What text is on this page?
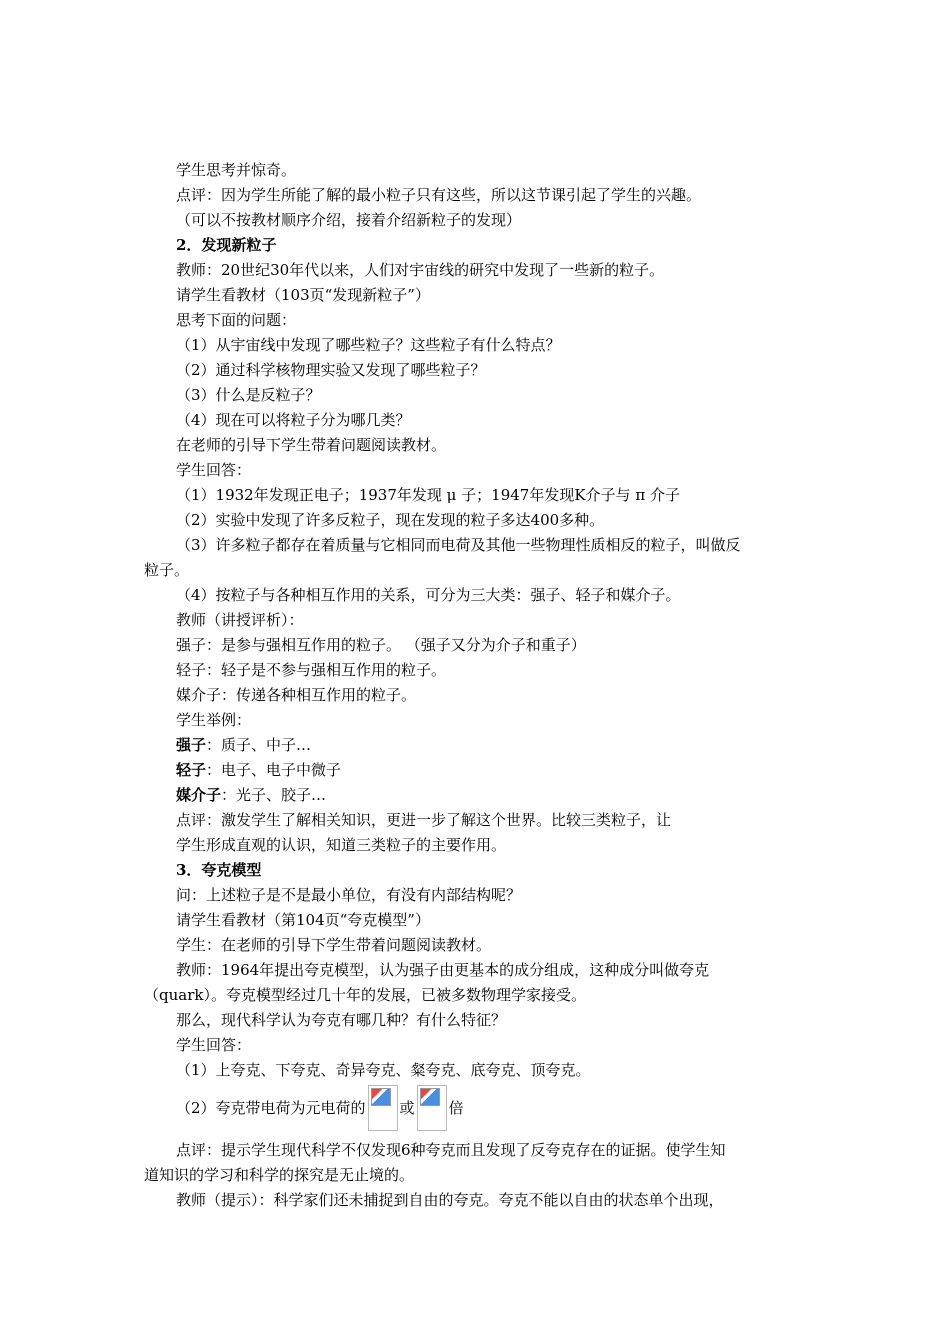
学生思考并惊奇。
点评：因为学生所能了解的最小粒子只有这些，所以这节课引起了学生的兴趣。
（可以不按教材顺序介绍，接着介绍新粒子的发现）
2．发现新粒子
教师：20世纪30年代以来，人们对宇宙线的研究中发现了一些新的粒子。
请学生看教材（103页“发现新粒子”）
思考下面的问题：
（1）从宇宙线中发现了哪些粒子？这些粒子有什么特点？
（2）通过科学核物理实验又发现了哪些粒子？
（3）什么是反粒子？
（4）现在可以将粒子分为哪几类？
在老师的引导下学生带着问题阅读教材。
学生回答：
（1）1932年发现正电子；1937年发现 μ 子；1947年发现K介子与 π 介子
（2）实验中发现了许多反粒子，现在发现的粒子多达400多种。
（3）许多粒子都存在着质量与它相同而电荷及其他一些物理性质相反的粒子，叫做反
粒子。
（4）按粒子与各种相互作用的关系，可分为三大类：强子、轻子和媒介子。
教师（讲授评析）：
强子：是参与强相互作用的粒子。 （强子又分为介子和重子）
轻子：轻子是不参与强相互作用的粒子。
媒介子：传递各种相互作用的粒子。
学生举例：
强子：质子、中子…
轻子：电子、电子中微子
媒介子：光子、胶子…
点评：激发学生了解相关知识，更进一步了解这个世界。比较三类粒子，让
学生形成直观的认识，知道三类粒子的主要作用。
3．夸克模型
问：上述粒子是不是最小单位，有没有内部结构呢？
请学生看教材（第104页“夸克模型”）
学生：在老师的引导下学生带着问题阅读教材。
教师：1964年提出夸克模型，认为强子由更基本的成分组成，这种成分叫做夸克
（quark）。夸克模型经过几十年的发展，已被多数物理学家接受。
那么，现代科学认为夸克有哪几种？有什么特征？
学生回答：
（1）上夸克、下夸克、奇异夸克、粲夸克、底夸克、顶夸克。
（2）夸克带电荷为元电荷的 或 倍
点评：提示学生现代科学不仅发现6种夸克而且发现了反夸克存在的证据。使学生知
道知识的学习和科学的探究是无止境的。
教师（提示）：科学家们还未捕捉到自由的夸克。夸克不能以自由的状态单个出现，
